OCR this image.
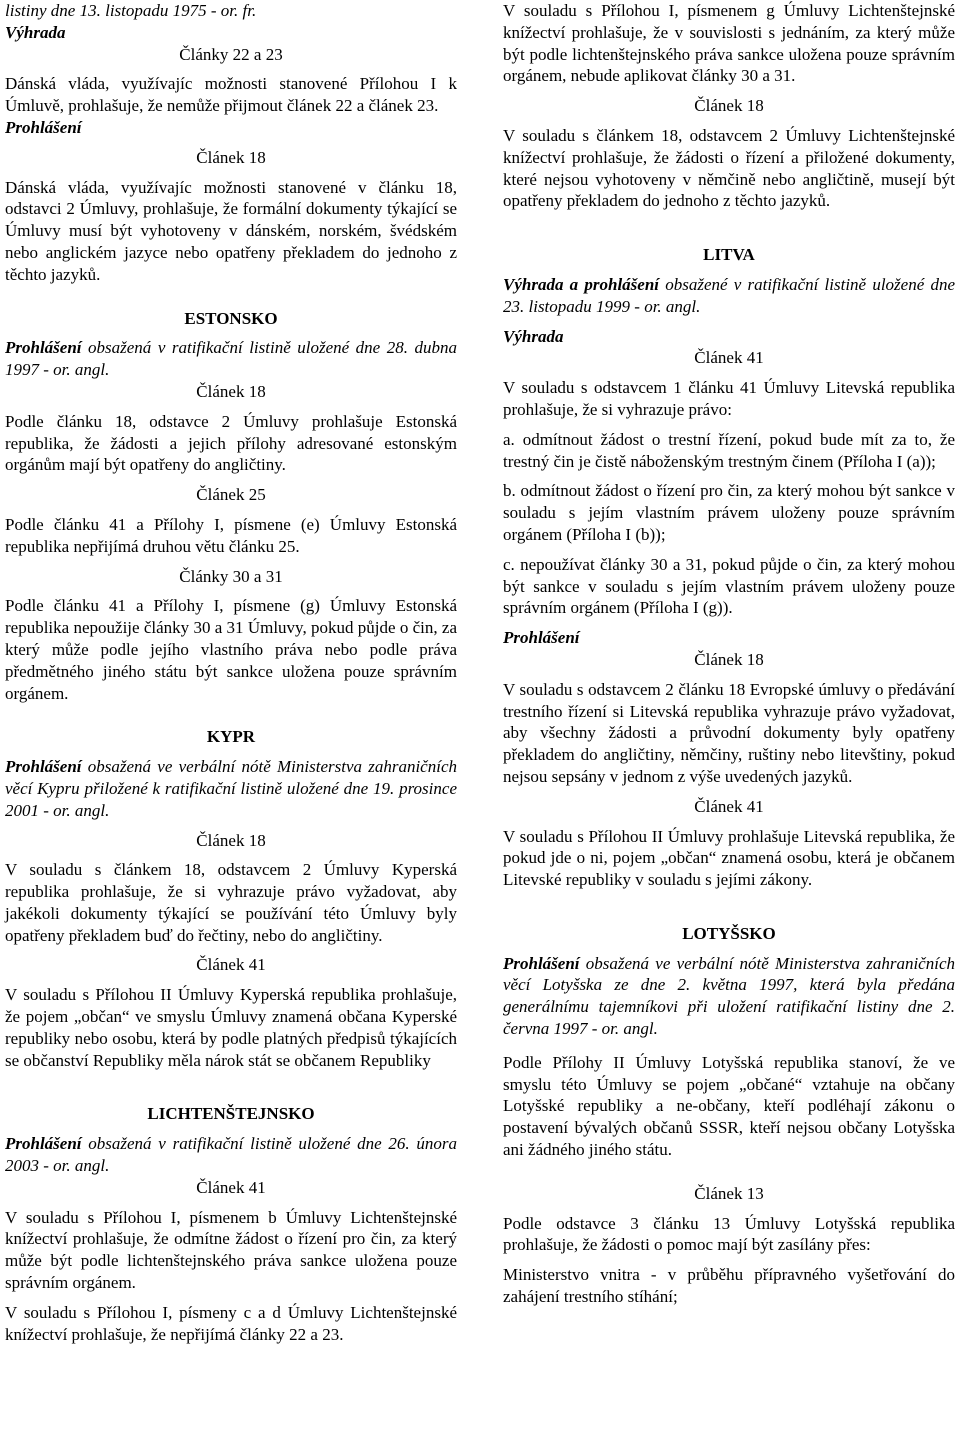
listiny dne 13. listopadu 1975 - or. fr.

Výhrada

Články 22 a 23

Dánská vláda, využívajíc možnosti stanovené Přílohou I k Úmluvě, prohlašuje, že nemůže přijmout článek 22 a článek 23.

Prohlášení

Článek 18

Dánská vláda, využívajíc možnosti stanovené v článku 18, odstavci 2 Úmluvy, prohlašuje, že formální dokumenty týkající se Úmluvy musí být vyhotoveny v dánském, norském, švédském nebo anglickém jazyce nebo opatřeny překladem do jednoho z těchto jazyků.

ESTONSKO

Prohlášení obsažená v ratifikační listině uložené dne 28. dubna 1997 - or. angl.

Článek 18

Podle článku 18, odstavce 2 Úmluvy prohlašuje Estonská republika, že žádosti a jejich přílohy adresované estonským orgánům mají být opatřeny do angličtiny.

Článek 25

Podle článku 41 a Přílohy I, písmene (e) Úmluvy Estonská republika nepřijímá druhou větu článku 25.

Články 30 a 31

Podle článku 41 a Přílohy I, písmene (g) Úmluvy Estonská republika nepoužije články 30 a 31 Úmluvy, pokud půjde o čin, za který může podle jejího vlastního práva nebo podle práva předmětného jiného státu být sankce uložena pouze správním orgánem.

KYPR

Prohlášení obsažená ve verbální nótě Ministerstva zahraničních věcí Kypru přiložené k ratifikační listině uložené dne 19. prosince 2001 - or. angl.

Článek 18

V souladu s článkem 18, odstavcem 2 Úmluvy Kyperská republika prohlašuje, že si vyhrazuje právo vyžadovat, aby jakékoli dokumenty týkající se používání této Úmluvy byly opatřeny překladem buď do řečtiny, nebo do angličtiny.

Článek 41

V souladu s Přílohou II Úmluvy Kyperská republika prohlašuje, že pojem „občan“ ve smyslu Úmluvy znamená občana Kyperské republiky nebo osobu, která by podle platných předpisů týkajících se občanství Republiky měla nárok stát se občanem Republiky

LICHTENŠTEJNSKO

Prohlášení obsažená v ratifikační listině uložené dne 26. února 2003 - or. angl.

Článek 41

V souladu s Přílohou I, písmenem b Úmluvy Lichtenštejnské knížectví prohlašuje, že odmítne žádost o řízení pro čin, za který může být podle lichtenštejnského práva sankce uložena pouze správním orgánem.

V souladu s Přílohou I, písmeny c a d Úmluvy Lichtenštejnské knížectví prohlašuje, že nepřijímá články 22 a 23.

V souladu s Přílohou I, písmenem g Úmluvy Lichtenštejnské knížectví prohlašuje, že v souvislosti s jednáním, za který může být podle lichtenštejnského práva sankce uložena pouze správním orgánem, nebude aplikovat články 30 a 31.

Článek 18

V souladu s článkem 18, odstavcem 2 Úmluvy Lichtenštejnské knížectví prohlašuje, že žádosti o řízení a přiložené dokumenty, které nejsou vyhotoveny v němčině nebo angličtině, musejí být opatřeny překladem do jednoho z těchto jazyků.

LITVA

Výhrada a prohlášení obsažené v ratifikační listině uložené dne 23. listopadu 1999 - or. angl.

Výhrada

Článek 41

V souladu s odstavcem 1 článku 41 Úmluvy Litevská republika prohlašuje, že si vyhrazuje právo:

a. odmítnout žádost o trestní řízení, pokud bude mít za to, že trestný čin je čistě náboženským trestným činem (Příloha I (a));

b. odmítnout žádost o řízení pro čin, za který mohou být sankce v souladu s jejím vlastním právem uloženy pouze správním orgánem (Příloha I (b));

c. nepoužívat články 30 a 31, pokud půjde o čin, za který mohou být sankce v souladu s jejím vlastním právem uloženy pouze správním orgánem (Příloha I (g)).

Prohlášení

Článek 18

V souladu s odstavcem 2 článku 18 Evropské úmluvy o předávání trestního řízení si Litevská republika vyhrazuje právo vyžadovat, aby všechny žádosti a průvodní dokumenty byly opatřeny překladem do angličtiny, němčiny, ruštiny nebo litevštiny, pokud nejsou sepsány v jednom z výše uvedených jazyků.

Článek 41

V souladu s Přílohou II Úmluvy prohlašuje Litevská republika, že pokud jde o ni, pojem „občan“ znamená osobu, která je občanem Litevské republiky v souladu s jejími zákony.

LOTYŠSKO

Prohlášení obsažená ve verbální nótě Ministerstva zahraničních věcí Lotyšska ze dne 2. května 1997, která byla předána generálnímu tajemníkovi při uložení ratifikační listiny dne 2. června 1997 - or. angl.

Podle Přílohy II Úmluvy Lotyšská republika stanoví, že ve smyslu této Úmluvy se pojem „občané“ vztahuje na občany Lotyšské republiky a ne-občany, kteří podléhají zákonu o postavení bývalých občanů SSSR, kteří nejsou občany Lotyšska ani žádného jiného státu.

Článek 13

Podle odstavce 3 článku 13 Úmluvy Lotyšská republika prohlašuje, že žádosti o pomoc mají být zasílány přes:

Ministerstvo vnitra - v průběhu přípravného vyšetřování do zahájení trestního stíhání;
